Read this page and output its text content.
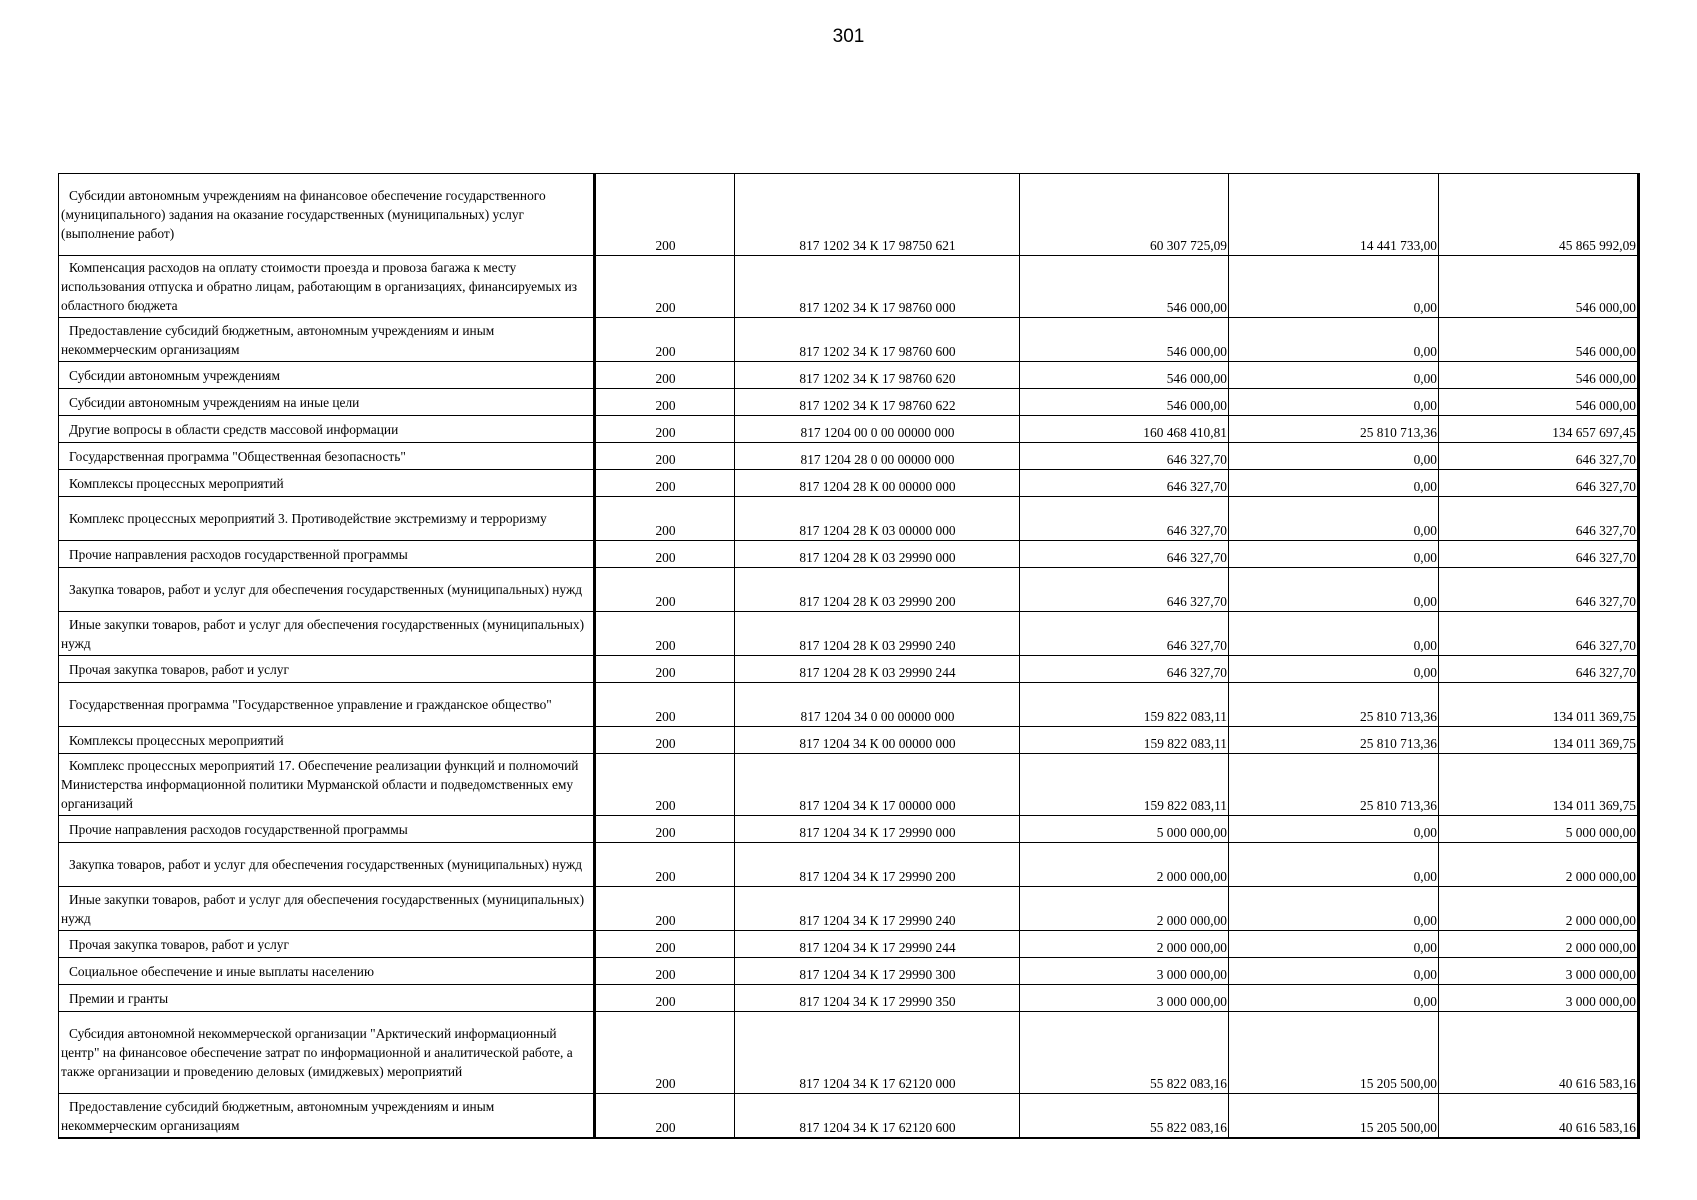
301
Субсидии автономным учреждениям на финансовое обеспечение государственного (муниципального) задания на оказание государственных (муниципальных) услуг (выполнение работ)	200	817 1202 34 К 17 98750 621	60 307 725,09	14 441 733,00	45 865 992,09
Компенсация расходов на оплату стоимости проезда и провоза багажа к месту использования отпуска и обратно лицам, работающим в организациях, финансируемых из областного бюджета	200	817 1202 34 К 17 98760 000	546 000,00	0,00	546 000,00
Предоставление субсидий бюджетным, автономным учреждениям и иным некоммерческим организациям	200	817 1202 34 К 17 98760 600	546 000,00	0,00	546 000,00
Субсидии автономным учреждениям	200	817 1202 34 К 17 98760 620	546 000,00	0,00	546 000,00
Субсидии автономным учреждениям на иные цели	200	817 1202 34 К 17 98760 622	546 000,00	0,00	546 000,00
Другие вопросы в области средств массовой информации	200	817 1204 00 0 00 00000 000	160 468 410,81	25 810 713,36	134 657 697,45
Государственная программа "Общественная безопасность"	200	817 1204 28 0 00 00000 000	646 327,70	0,00	646 327,70
Комплексы процессных мероприятий	200	817 1204 28 К 00 00000 000	646 327,70	0,00	646 327,70
Комплекс процессных мероприятий 3. Противодействие экстремизму и терроризму	200	817 1204 28 К 03 00000 000	646 327,70	0,00	646 327,70
Прочие направления расходов государственной программы	200	817 1204 28 К 03 29990 000	646 327,70	0,00	646 327,70
Закупка товаров, работ и услуг для обеспечения государственных (муниципальных) нужд	200	817 1204 28 К 03 29990 200	646 327,70	0,00	646 327,70
Иные закупки товаров, работ и услуг для обеспечения государственных (муниципальных) нужд	200	817 1204 28 К 03 29990 240	646 327,70	0,00	646 327,70
Прочая закупка товаров, работ и услуг	200	817 1204 28 К 03 29990 244	646 327,70	0,00	646 327,70
Государственная программа "Государственное управление и гражданское общество"	200	817 1204 34 0 00 00000 000	159 822 083,11	25 810 713,36	134 011 369,75
Комплексы процессных мероприятий	200	817 1204 34 К 00 00000 000	159 822 083,11	25 810 713,36	134 011 369,75
Комплекс процессных мероприятий 17. Обеспечение реализации функций и полномочий Министерства информационной политики Мурманской области и подведомственных ему организаций	200	817 1204 34 К 17 00000 000	159 822 083,11	25 810 713,36	134 011 369,75
Прочие направления расходов государственной программы	200	817 1204 34 К 17 29990 000	5 000 000,00	0,00	5 000 000,00
Закупка товаров, работ и услуг для обеспечения государственных (муниципальных) нужд	200	817 1204 34 К 17 29990 200	2 000 000,00	0,00	2 000 000,00
Иные закупки товаров, работ и услуг для обеспечения государственных (муниципальных) нужд	200	817 1204 34 К 17 29990 240	2 000 000,00	0,00	2 000 000,00
Прочая закупка товаров, работ и услуг	200	817 1204 34 К 17 29990 244	2 000 000,00	0,00	2 000 000,00
Социальное обеспечение и иные выплаты населению	200	817 1204 34 К 17 29990 300	3 000 000,00	0,00	3 000 000,00
Премии и гранты	200	817 1204 34 К 17 29990 350	3 000 000,00	0,00	3 000 000,00
Субсидия автономной некоммерческой организации "Арктический информационный центр" на финансовое обеспечение затрат по информационной и аналитической работе, а также организации и проведению деловых (имиджевых) мероприятий	200	817 1204 34 К 17 62120 000	55 822 083,16	15 205 500,00	40 616 583,16
Предоставление субсидий бюджетным, автономным учреждениям и иным некоммерческим организациям	200	817 1204 34 К 17 62120 600	55 822 083,16	15 205 500,00	40 616 583,16
